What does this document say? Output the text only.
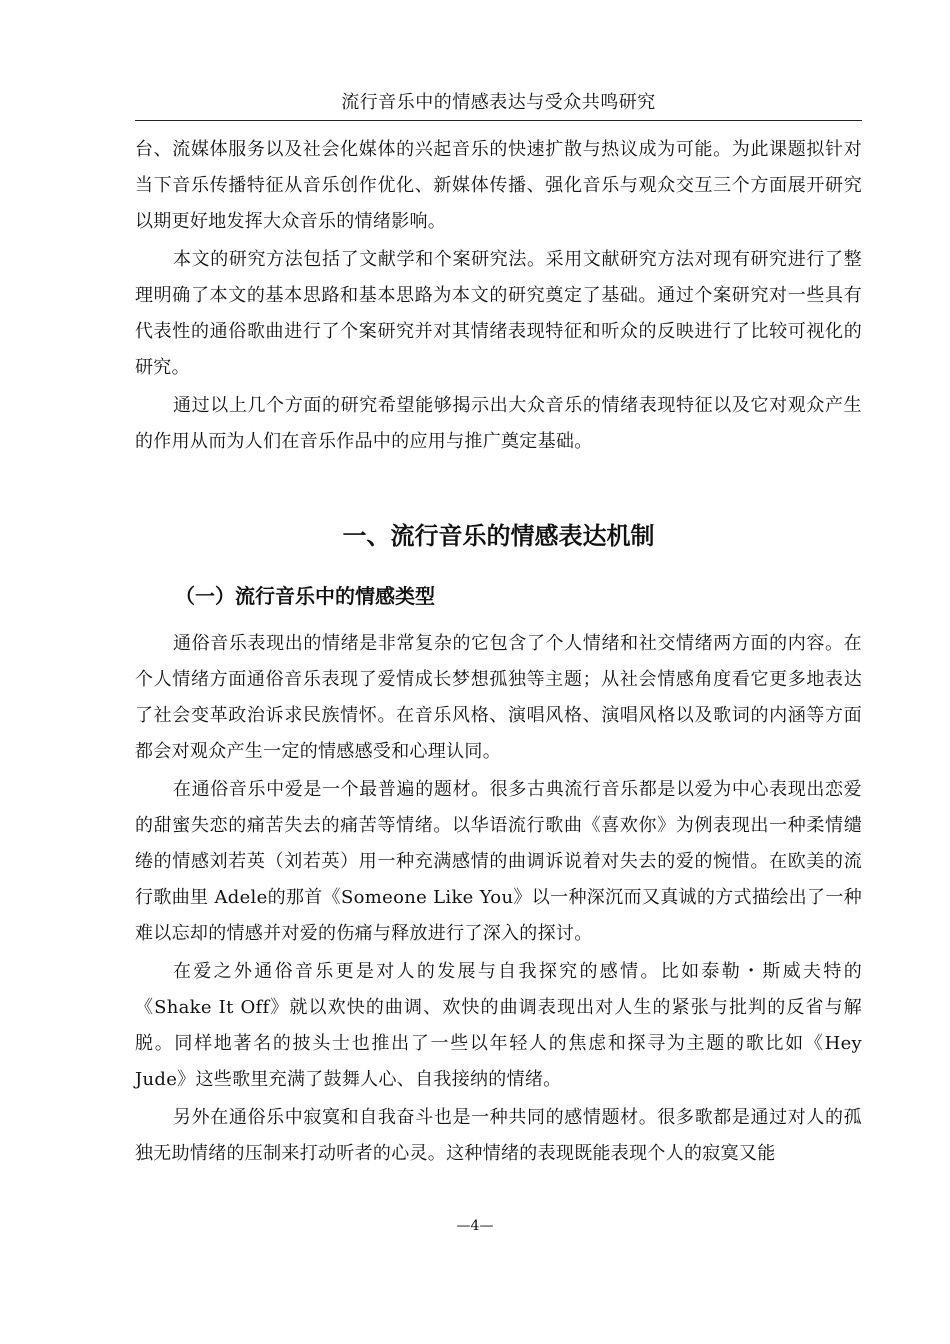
流行音乐中的情感表达与受众共鸣研究

台、流媒体服务以及社会化媒体的兴起音乐的快速扩散与热议成为可能。为此课题拟针对当下音乐传播特征从音乐创作优化、新媒体传播、强化音乐与观众交互三个方面展开研究以期更好地发挥大众音乐的情绪影响。

本文的研究方法包括了文献学和个案研究法。采用文献研究方法对现有研究进行了整理明确了本文的基本思路和基本思路为本文的研究奠定了基础。通过个案研究对一些具有代表性的通俗歌曲进行了个案研究并对其情绪表现特征和听众的反映进行了比较可视化的研究。

通过以上几个方面的研究希望能够揭示出大众音乐的情绪表现特征以及它对观众产生的作用从而为人们在音乐作品中的应用与推广奠定基础。

一、流行音乐的情感表达机制
（一）流行音乐中的情感类型

通俗音乐表现出的情绪是非常复杂的它包含了个人情绪和社交情绪两方面的内容。在个人情绪方面通俗音乐表现了爱情成长梦想孤独等主题；从社会情感角度看它更多地表达了社会变革政治诉求民族情怀。在音乐风格、演唱风格、演唱风格以及歌词的内涵等方面都会对观众产生一定的情感感受和心理认同。

在通俗音乐中爱是一个最普遍的题材。很多古典流行音乐都是以爱为中心表现出恋爱的甜蜜失恋的痛苦失去的痛苦等情绪。以华语流行歌曲《喜欢你》为例表现出一种柔情缱绻的情感刘若英（刘若英）用一种充满感情的曲调诉说着对失去的爱的惋惜。在欧美的流行歌曲里 Adele的那首《Someone Like You》以一种深沉而又真诚的方式描绘出了一种难以忘却的情感并对爱的伤痛与释放进行了深入的探讨。

在爱之外通俗音乐更是对人的发展与自我探究的感情。比如泰勒・斯威夫特的《Shake It Off》就以欢快的曲调、欢快的曲调表现出对人生的紧张与批判的反省与解脱。同样地著名的披头士也推出了一些以年轻人的焦虑和探寻为主题的歌比如《Hey Jude》这些歌里充满了鼓舞人心、自我接纳的情绪。

另外在通俗乐中寂寞和自我奋斗也是一种共同的感情题材。很多歌都是通过对人的孤独无助情绪的压制来打动听者的心灵。这种情绪的表现既能表现个人的寂寞又能

—4—
